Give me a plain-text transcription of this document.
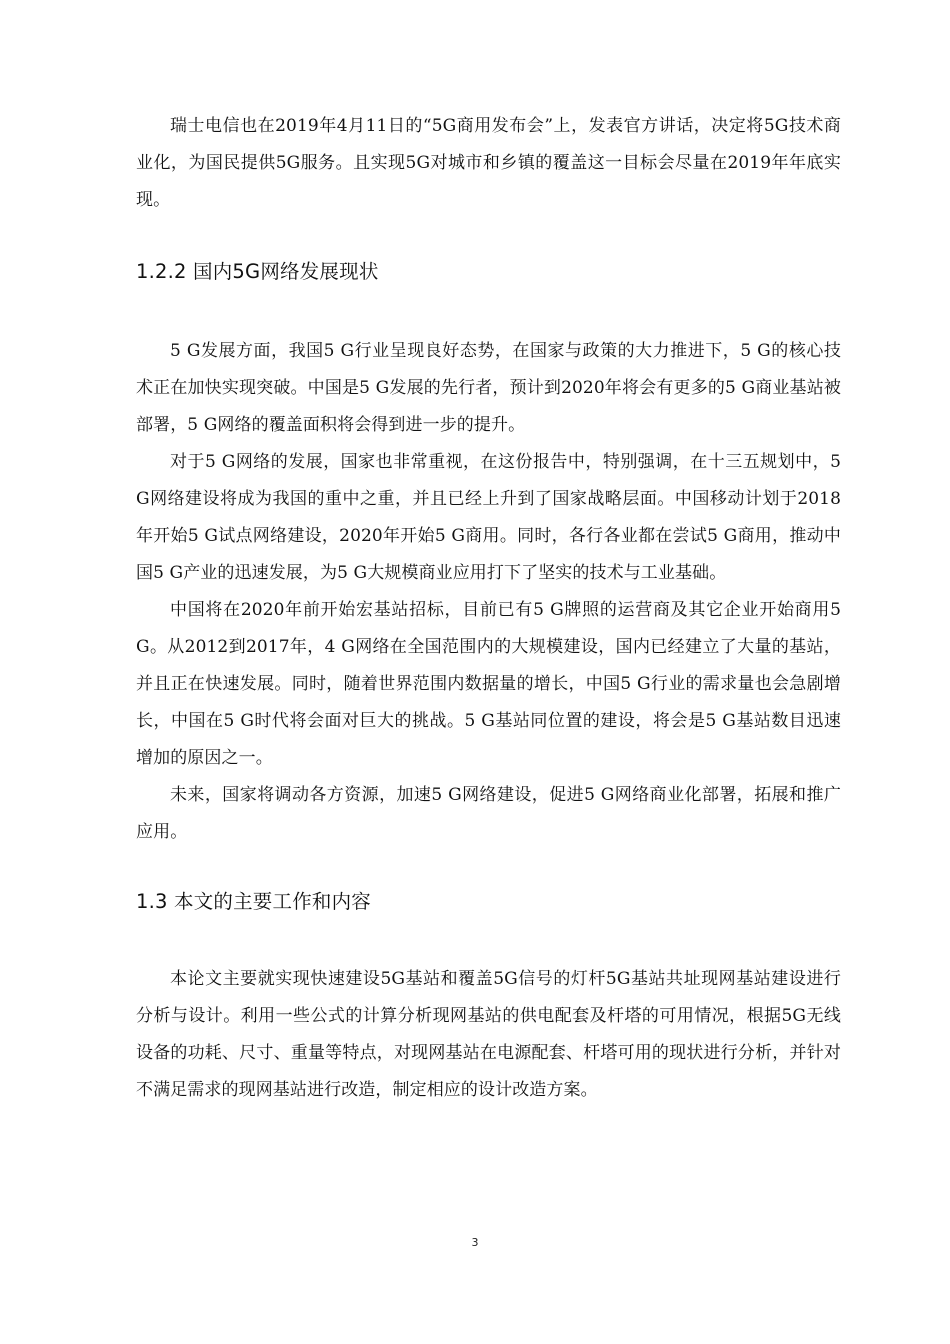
瑞士电信也在2019年4月11日的“5G商用发布会”上，发表官方讲话，决定将5G技术商业化，为国民提供5G服务。且实现5G对城市和乡镇的覆盖这一目标会尽量在2019年年底实现。

1.2.2 国内5G网络发展现状

5 G发展方面，我国5 G行业呈现良好态势，在国家与政策的大力推进下，5 G的核心技术正在加快实现突破。中国是5 G发展的先行者，预计到2020年将会有更多的5 G商业基站被部署，5 G网络的覆盖面积将会得到进一步的提升。

对于5 G网络的发展，国家也非常重视，在这份报告中，特别强调，在十三五规划中，5 G网络建设将成为我国的重中之重，并且已经上升到了国家战略层面。中国移动计划于2018年开始5 G试点网络建设，2020年开始5 G商用。同时，各行各业都在尝试5 G商用，推动中国5 G产业的迅速发展，为5 G大规模商业应用打下了坚实的技术与工业基础。

中国将在2020年前开始宏基站招标，目前已有5 G牌照的运营商及其它企业开始商用5 G。从2012到2017年，4 G网络在全国范围内的大规模建设，国内已经建立了大量的基站，并且正在快速发展。同时，随着世界范围内数据量的增长，中国5 G行业的需求量也会急剧增长，中国在5 G时代将会面对巨大的挑战。5 G基站同位置的建设，将会是5 G基站数目迅速增加的原因之一。

未来，国家将调动各方资源，加速5 G网络建设，促进5 G网络商业化部署，拓展和推广应用。

1.3 本文的主要工作和内容

本论文主要就实现快速建设5G基站和覆盖5G信号的灯杆5G基站共址现网基站建设进行分析与设计。利用一些公式的计算分析现网基站的供电配套及杆塔的可用情况，根据5G无线设备的功耗、尺寸、重量等特点，对现网基站在电源配套、杆塔可用的现状进行分析，并针对不满足需求的现网基站进行改造，制定相应的设计改造方案。

3
